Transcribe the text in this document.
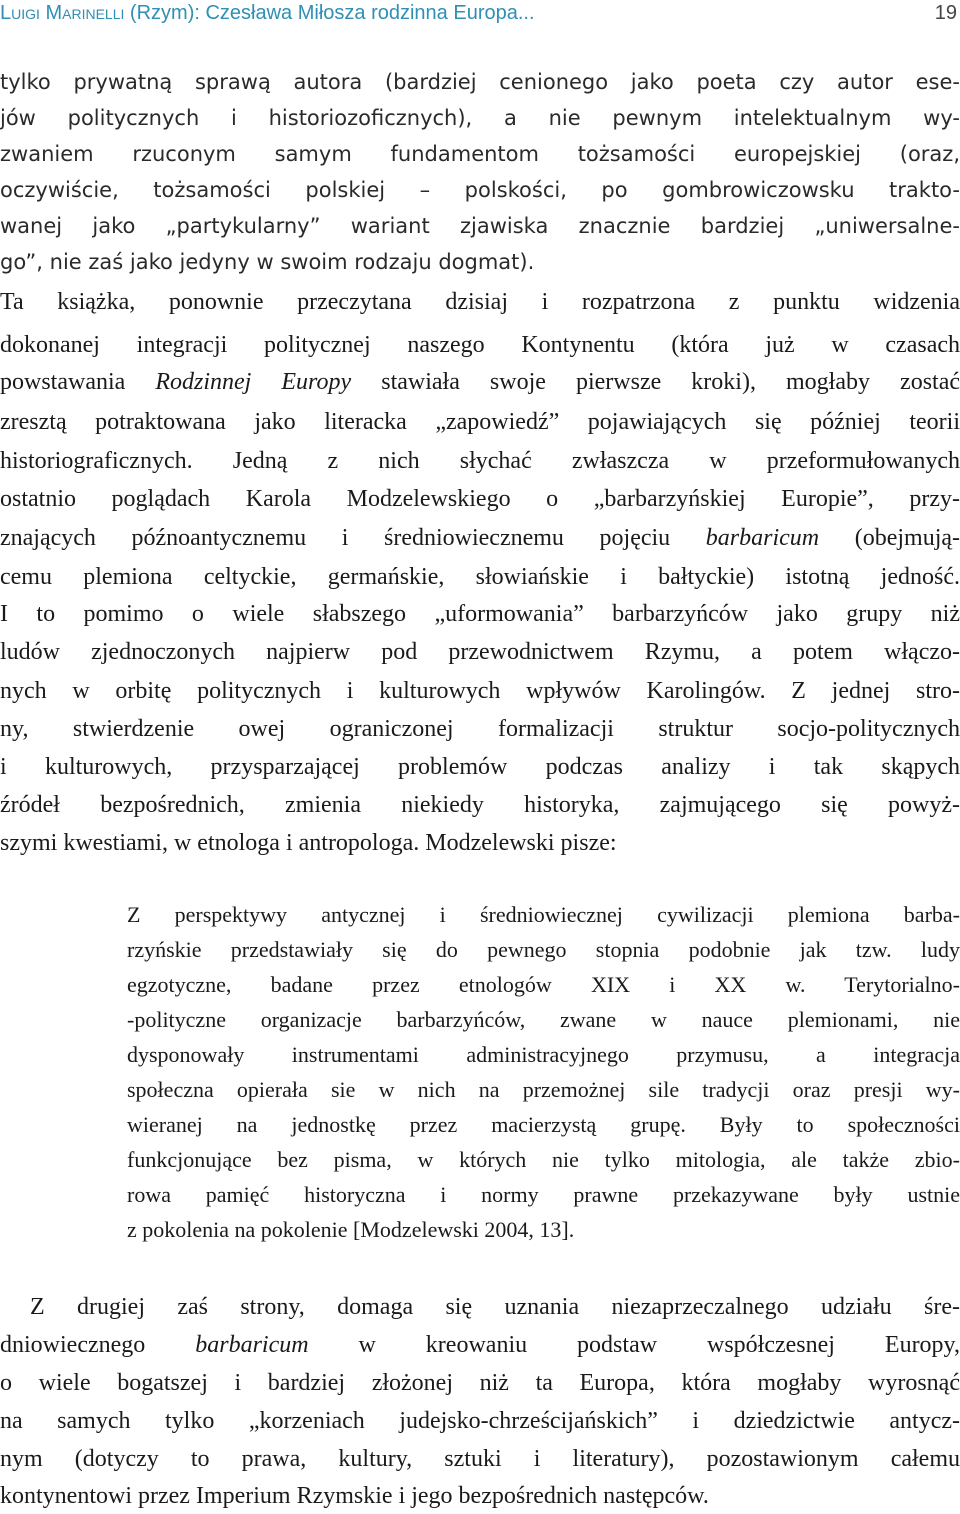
Luigi Marinelli (Rzym): Czesława Miłosza rodzinna Europa...	19
tylko prywatną sprawą autora (bardziej cenionego jako poeta czy autor ese-
jów politycznych i historiozoficznych), a nie pewnym intelektualnym wy-
zwaniem rzuconym samym fundamentom tożsamości europejskiej (oraz,
oczywiście, tożsamości polskiej – polskości, po gombrowiczowsku trakto-
wanej jako „partykularny” wariant zjawiska znacznie bardziej „uniwersalne-
go”, nie zaś jako jedyny w swoim rodzaju dogmat).
Ta książka, ponownie przeczytana dzisiaj i rozpatrzona z punktu widzenia
dokonanej integracji politycznej naszego Kontynentu (która już w czasach
powstawania Rodzinnej Europy stawiała swoje pierwsze kroki), mogłaby zostać
zresztą potraktowana jako literacka „zapowiedź” pojawiających się później teorii
historiograficznych. Jedną z nich słychać zwłaszcza w przeformułowanych
ostatnio poglądach Karola Modzelewskiego o „barbarzyńskiej Europie”, przy-
znających późnoantycznemu i średniowiecznemu pojęciu barbaricum (obejmują-
cemu plemiona celtyckie, germańskie, słowiańskie i bałtyckie) istotną jedność.
I to pomimo o wiele słabszego „uformowania” barbarzyńców jako grupy niż
ludów zjednoczonych najpierw pod przewodnictwem Rzymu, a potem włączo-
nych w orbitę politycznych i kulturowych wpływów Karolingów. Z jednej stro-
ny, stwierdzenie owej ograniczonej formalizacji struktur socjo-politycznych
i kulturowych, przysparzającej problemów podczas analizy i tak skąpych
źródeł bezpośrednich, zmienia niekiedy historyka, zajmującego się powyż-
szymi kwestiami, w etnologa i antropologa. Modzelewski pisze:
Z perspektywy antycznej i średniowiecznej cywilizacji plemiona barba-
rzyńskie przedstawiały się do pewnego stopnia podobnie jak tzw. ludy
egzotyczne, badane przez etnologów XIX i XX w. Terytorialno-
-polityczne organizacje barbarzyńców, zwane w nauce plemionami, nie
dysponowały instrumentami administracyjnego przymusu, a integracja
społeczna opierała sie w nich na przemożnej sile tradycji oraz presji wy-
wieranej na jednostkę przez macierzystą grupę. Były to społeczności
funkcjonujące bez pisma, w których nie tylko mitologia, ale także zbio-
rowa pamięć historyczna i normy prawne przekazywane były ustnie
z pokolenia na pokolenie [Modzelewski 2004, 13].
Z drugiej zaś strony, domaga się uznania niezaprzeczalnego udziału śre-
dniowiecznego barbaricum w kreowaniu podstaw współczesnej Europy,
o wiele bogatszej i bardziej złożonej niż ta Europa, która mogłaby wyrosnąć
na samych tylko „korzeniach judejsko-chrześcijańskich” i dziedzictwie antycz-
nym (dotyczy to prawa, kultury, sztuki i literatury), pozostawionym całemu
kontynentowi przez Imperium Rzymskie i jego bezpośrednich następców.
